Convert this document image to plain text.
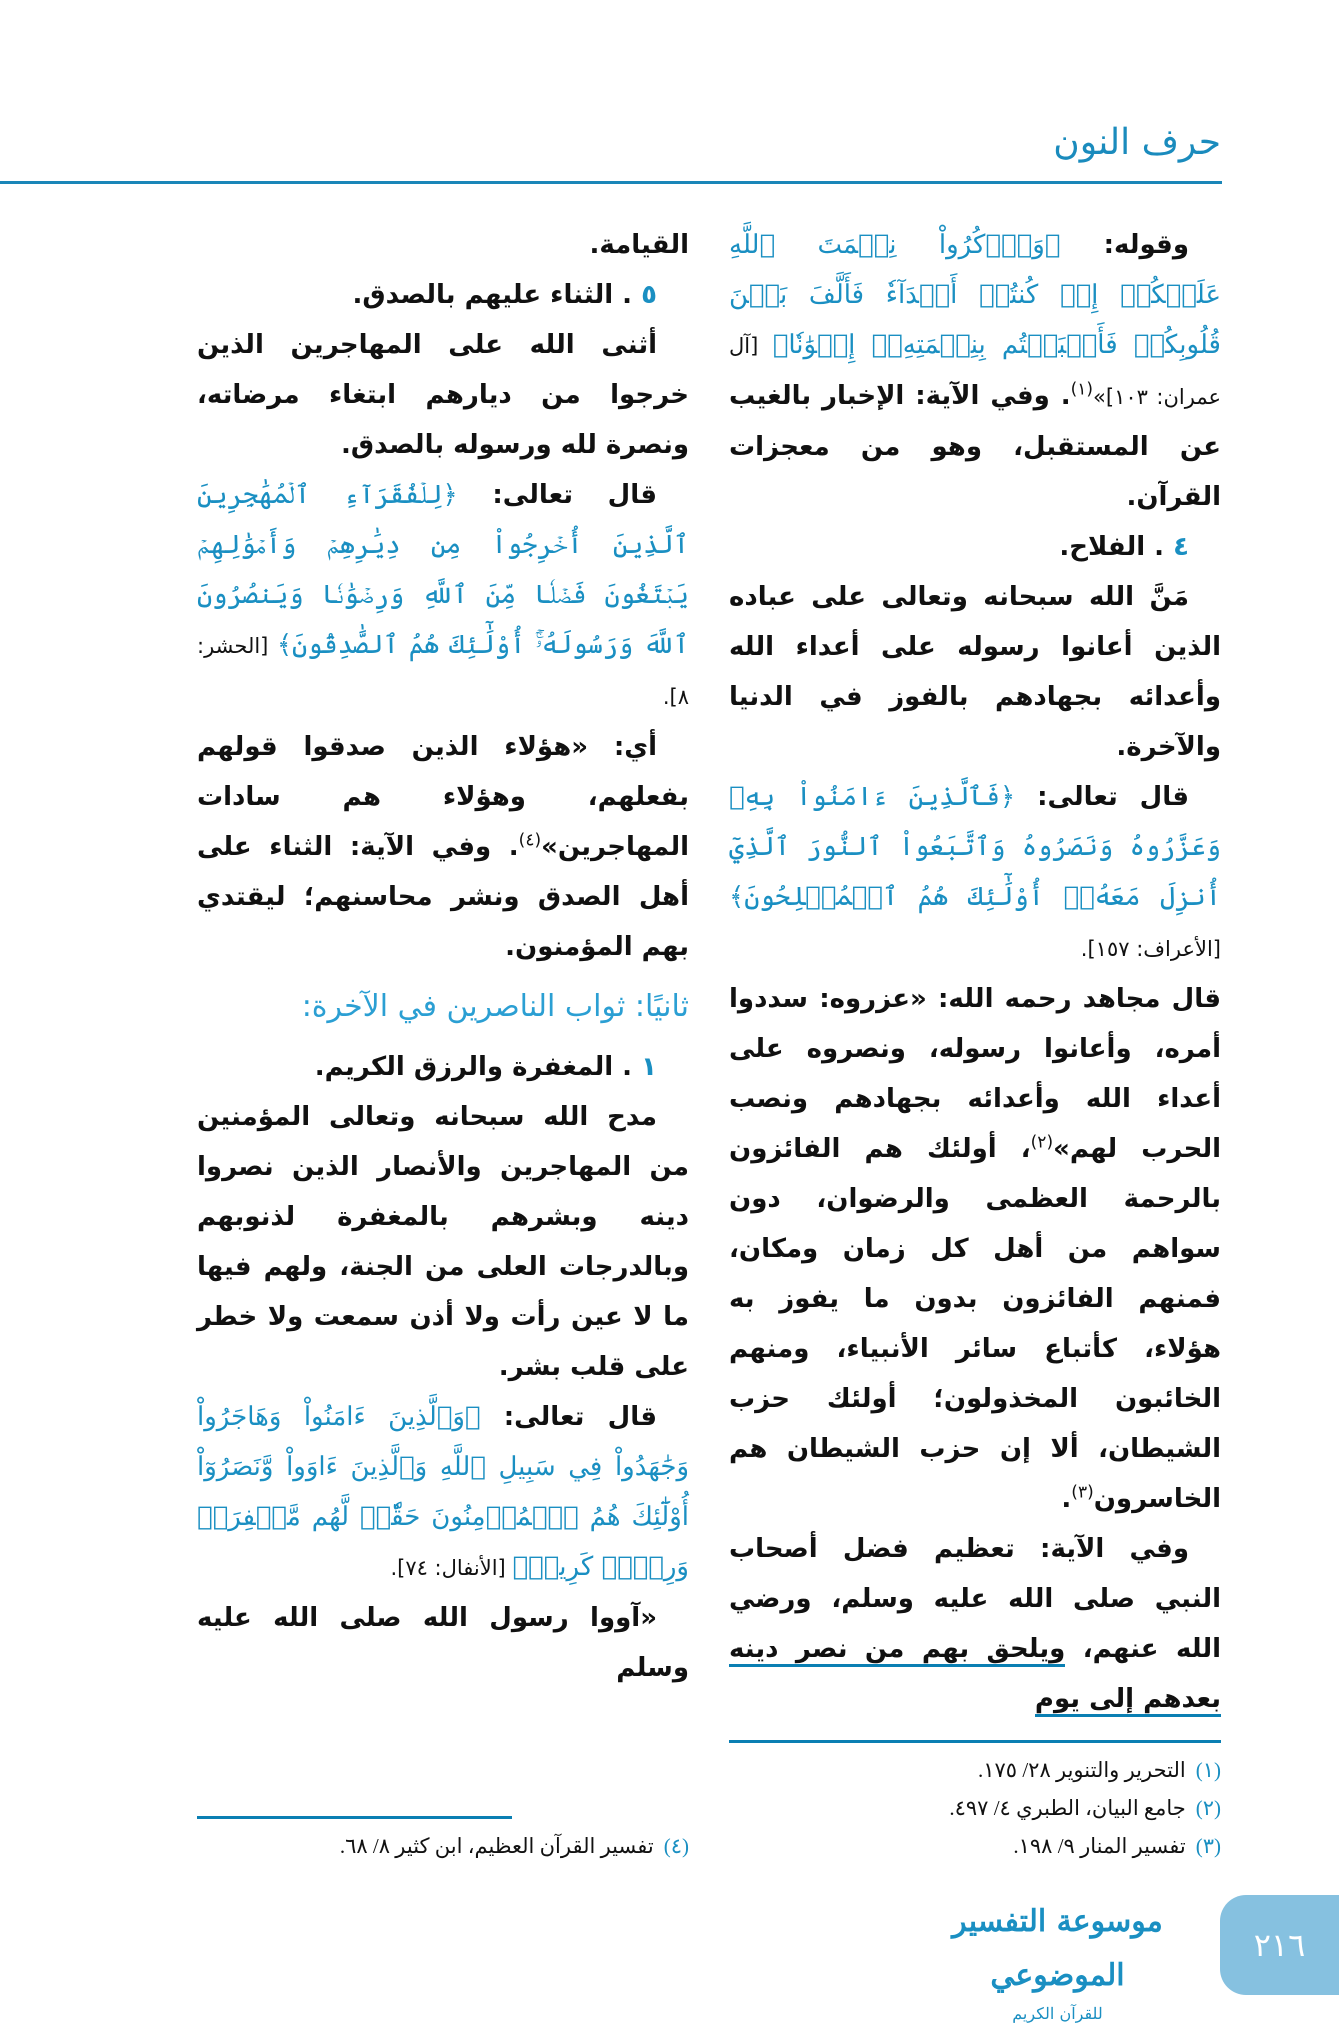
حرف النون

وقوله: ﴿وَٱذۡكُرُواْ نِعۡمَتَ ٱللَّهِ عَلَيۡكُمۡ إِذۡ كُنتُمۡ أَعۡدَآءٗ فَأَلَّفَ بَيۡنَ قُلُوبِكُمۡ فَأَصۡبَحۡتُم بِنِعۡمَتِهِۦٓ إِخۡوَٰنٗا﴾ [آل عمران: ١٠٣]»$^{(١)}$. وفي الآية: الإخبار بالغيب عن المستقبل، وهو من معجزات القرآن.

٤ . الفلاح.

مَنَّ الله سبحانه وتعالى على عباده الذين أعانوا رسوله على أعداء الله وأعدائه بجهادهم بالفوز في الدنيا والآخرة.

قال تعالى: ﴿فَٱلَّذِينَ ءَامَنُواْ بِهِۦ وَعَزَّرُوهُ وَنَصَرُوهُ وَٱتَّبَعُواْ ٱلنُّورَ ٱلَّذِيٓ أُنزِلَ مَعَهُۥٓ أُوْلَٰٓئِكَ هُمُ ٱلۡمُفۡلِحُونَ﴾ [الأعراف: ١٥٧].

قال مجاهد رحمه الله: «عزروه: سددوا أمره، وأعانوا رسوله، ونصروه على أعداء الله وأعدائه بجهادهم ونصب الحرب لهم»$^{(٢)}$، أولئك هم الفائزون بالرحمة العظمى والرضوان، دون سواهم من أهل كل زمان ومكان، فمنهم الفائزون بدون ما يفوز به هؤلاء، كأتباع سائر الأنبياء، ومنهم الخائبون المخذولون؛ أولئك حزب الشيطان، ألا إن حزب الشيطان هم الخاسرون$^{(٣)}$.

وفي الآية: تعظيم فضل أصحاب النبي صلى الله عليه وسلم، ورضي الله عنهم، ويلحق بهم من نصر دينه بعدهم إلى يوم

(١)التحرير والتنوير ٢٨/ ١٧٥.
(٢)جامع البيان، الطبري ٤/ ٤٩٧.
(٣)تفسير المنار ٩/ ١٩٨.

القيامة.

٥ . الثناء عليهم بالصدق.

أثنى الله على المهاجرين الذين خرجوا من ديارهم ابتغاء مرضاته، ونصرة لله ورسوله بالصدق.

قال تعالى: ﴿لِلۡفُقَرَآءِ ٱلۡمُهَٰجِرِينَ ٱلَّذِينَ أُخۡرِجُواْ مِن دِيَٰرِهِمۡ وَأَمۡوَٰلِهِمۡ يَبۡتَغُونَ فَضۡلٗا مِّنَ ٱللَّهِ وَرِضۡوَٰنٗا وَيَنصُرُونَ ٱللَّهَ وَرَسُولَهُۥٓۚ أُوْلَٰٓئِكَ هُمُ ٱلصَّٰدِقُونَ﴾ [الحشر: ٨].

أي: «هؤلاء الذين صدقوا قولهم بفعلهم، وهؤلاء هم سادات المهاجرين»$^{(٤)}$. وفي الآية: الثناء على أهل الصدق ونشر محاسنهم؛ ليقتدي بهم المؤمنون.

ثانيًا: ثواب الناصرين في الآخرة:

١ . المغفرة والرزق الكريم.

مدح الله سبحانه وتعالى المؤمنين من المهاجرين والأنصار الذين نصروا دينه وبشرهم بالمغفرة لذنوبهم وبالدرجات العلى من الجنة، ولهم فيها ما لا عين رأت ولا أذن سمعت ولا خطر على قلب بشر.

قال تعالى: ﴿وَٱلَّذِينَ ءَامَنُواْ وَهَاجَرُواْ وَجَٰهَدُواْ فِي سَبِيلِ ٱللَّهِ وَٱلَّذِينَ ءَاوَواْ وَّنَصَرُوٓاْ أُوْلَٰٓئِكَ هُمُ ٱلۡمُؤۡمِنُونَ حَقّٗاۚ لَّهُم مَّغۡفِرَةٞ وَرِزۡقٞ كَرِيمٞ﴾ [الأنفال: ٧٤].

«آووا رسول الله صلى الله عليه وسلم

(٤)تفسير القرآن العظيم، ابن كثير ٨/ ٦٨.
موسوعة التفسير الموضوعي
للقرآن الكريم
٢١٦
